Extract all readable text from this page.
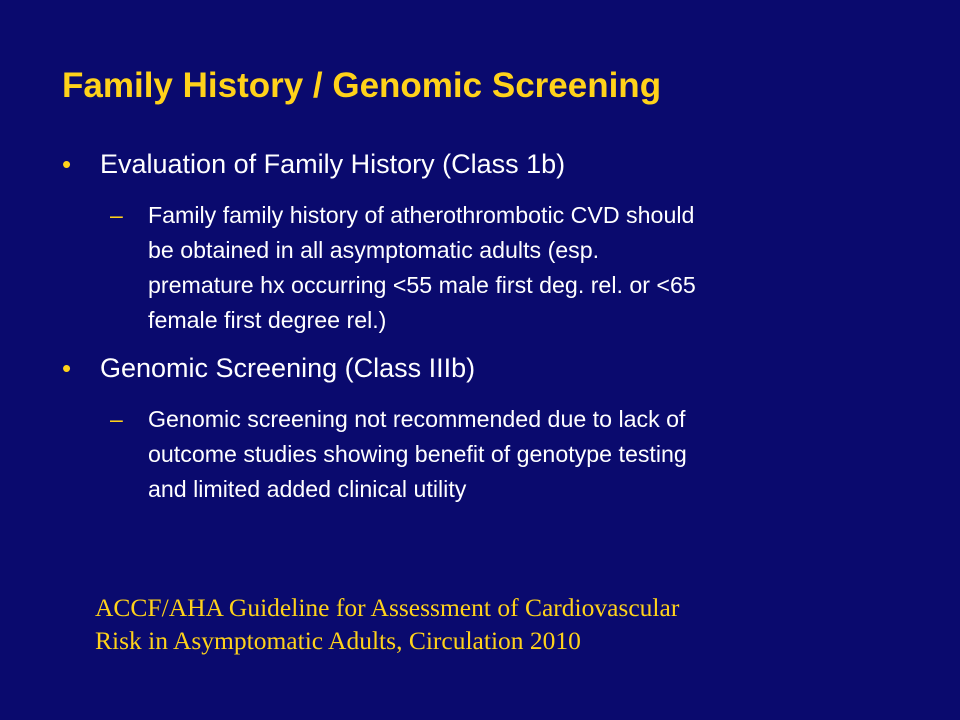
Family History / Genomic Screening
• Evaluation of Family History (Class 1b)
– Family family history of atherothrombotic CVD should
be obtained in all asymptomatic adults (esp.
premature hx occurring <55 male first deg. rel. or <65
female first degree rel.)
• Genomic Screening (Class IIIb)
– Genomic screening not recommended due to lack of
outcome studies showing benefit of genotype testing
and limited added clinical utility
ACCF/AHA Guideline for Assessment of Cardiovascular
Risk in Asymptomatic Adults, Circulation 2010
